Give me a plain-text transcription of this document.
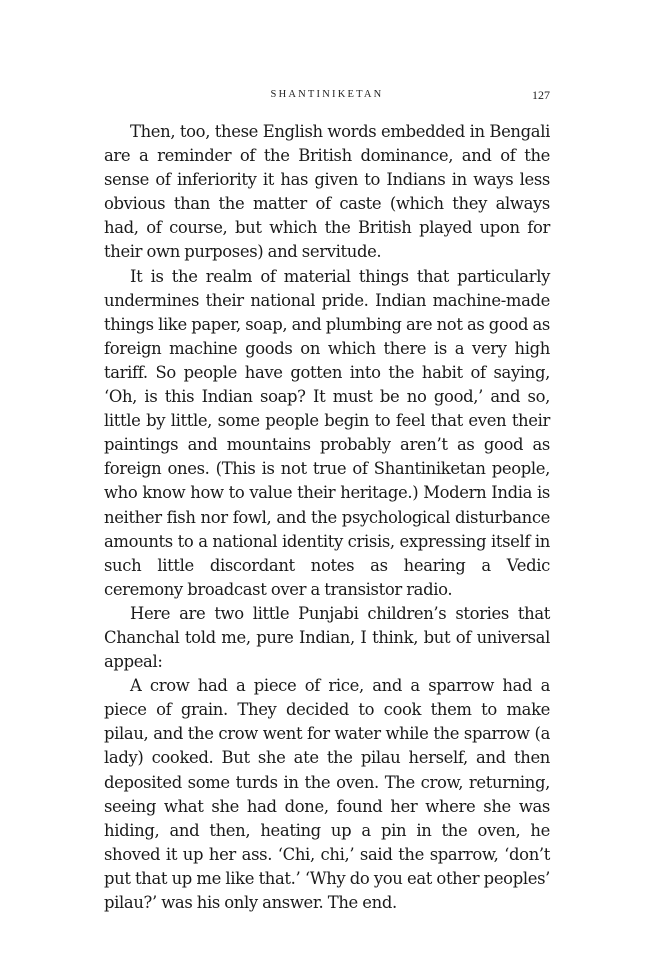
SHANTINIKETAN	127

Then, too, these English words embedded in Bengali are a reminder of the British dominance, and of the sense of inferiority it has given to Indians in ways less obvious than the matter of caste (which they always had, of course, but which the British played upon for their own purposes) and servitude.

It is the realm of material things that particularly undermines their national pride. Indian machine-made things like paper, soap, and plumbing are not as good as foreign machine goods on which there is a very high tariff. So people have gotten into the habit of saying, ‘Oh, is this Indian soap? It must be no good,’ and so, little by little, some people begin to feel that even their paintings and mountains probably aren’t as good as foreign ones. (This is not true of Shantiniketan people, who know how to value their heritage.) Modern India is neither fish nor fowl, and the psychological disturbance amounts to a national identity crisis, expressing itself in such little discordant notes as hearing a Vedic ceremony broadcast over a transistor radio.

Here are two little Punjabi children’s stories that Chanchal told me, pure Indian, I think, but of universal appeal:

A crow had a piece of rice, and a sparrow had a piece of grain. They decided to cook them to make pilau, and the crow went for water while the sparrow (a lady) cooked. But she ate the pilau herself, and then deposited some turds in the oven. The crow, returning, seeing what she had done, found her where she was hiding, and then, heating up a pin in the oven, he shoved it up her ass. ‘Chi, chi,’ said the sparrow, ‘don’t put that up me like that.’ ‘Why do you eat other peoples’ pilau?’ was his only answer. The end.
